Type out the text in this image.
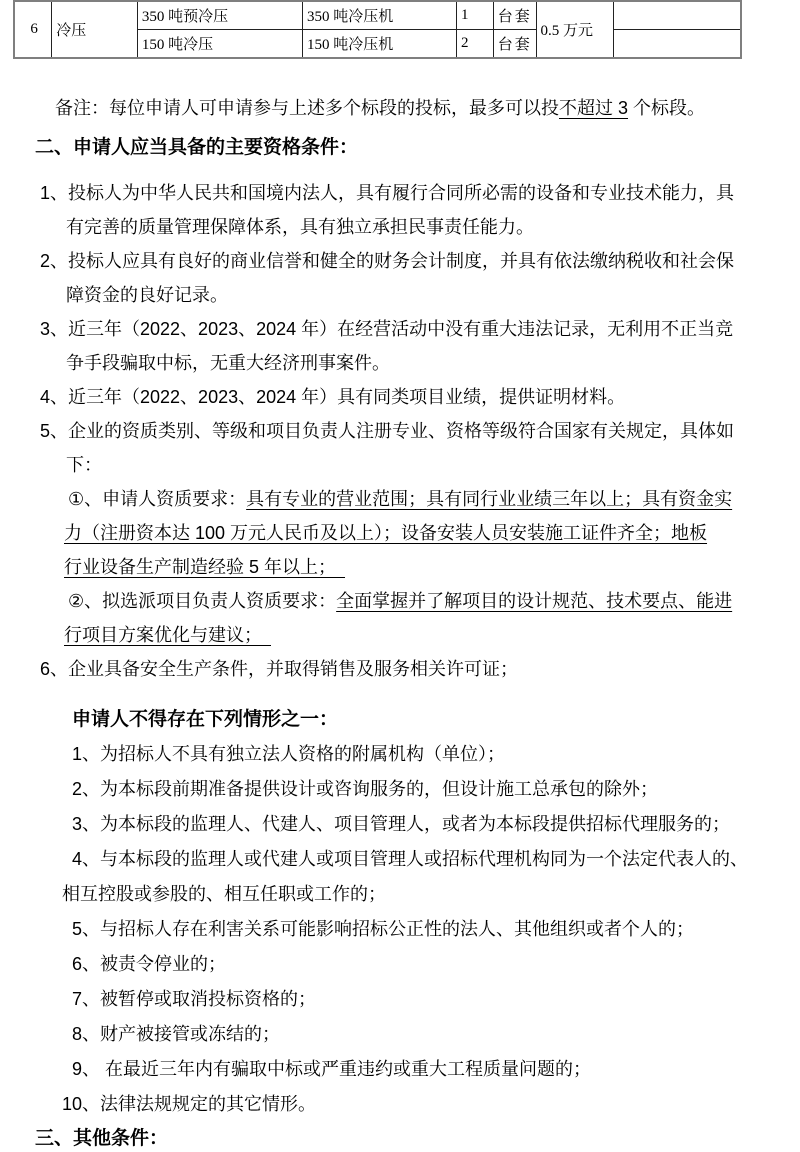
6	冷压	350 吨预冷压	350 吨冷压机	1	台套	0.5 万元	
		150 吨冷压	150 吨冷压机	2	台套		
备注：每位申请人可申请参与上述多个标段的投标，最多可以投不超过 3 个标段。
二、申请人应当具备的主要资格条件：
1、投标人为中华人民共和国境内法人，具有履行合同所必需的设备和专业技术能力，具
有完善的质量管理保障体系，具有独立承担民事责任能力。
2、投标人应具有良好的商业信誉和健全的财务会计制度，并具有依法缴纳税收和社会保
障资金的良好记录。
3、近三年（2022、2023、2024 年）在经营活动中没有重大违法记录，无利用不正当竞
争手段骗取中标，无重大经济刑事案件。
4、近三年（2022、2023、2024 年）具有同类项目业绩，提供证明材料。
5、企业的资质类别、等级和项目负责人注册专业、资格等级符合国家有关规定，具体如
下：
①、申请人资质要求：具有专业的营业范围；具有同行业业绩三年以上；具有资金实
力（注册资本达 100 万元人民币及以上）；设备安装人员安装施工证件齐全；地板
行业设备生产制造经验 5 年以上；　
②、拟选派项目负责人资质要求：全面掌握并了解项目的设计规范、技术要点、能进
行项目方案优化与建议；　
6、企业具备安全生产条件，并取得销售及服务相关许可证；
申请人不得存在下列情形之一：
1、为招标人不具有独立法人资格的附属机构（单位）；
2、为本标段前期准备提供设计或咨询服务的，但设计施工总承包的除外；
3、为本标段的监理人、代建人、项目管理人，或者为本标段提供招标代理服务的；
4、与本标段的监理人或代建人或项目管理人或招标代理机构同为一个法定代表人的、
相互控股或参股的、相互任职或工作的；
5、与招标人存在利害关系可能影响招标公正性的法人、其他组织或者个人的；
6、被责令停业的；
7、被暂停或取消投标资格的；
8、财产被接管或冻结的；
9、 在最近三年内有骗取中标或严重违约或重大工程质量问题的；
10、法律法规规定的其它情形。
三、其他条件：
